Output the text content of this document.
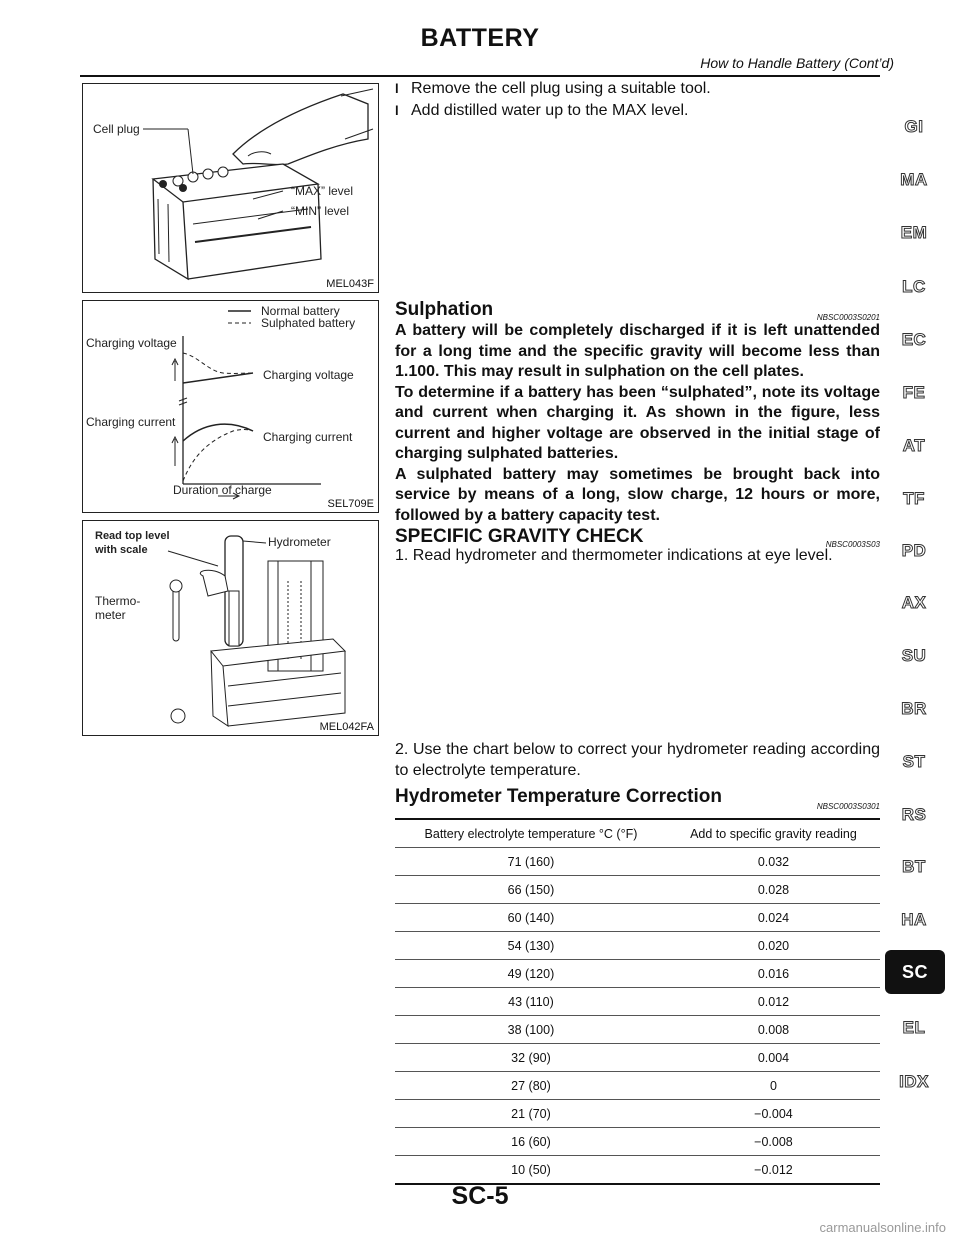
BATTERY
How to Handle Battery (Cont’d)
Cell plug
“MAX” level
“MIN” level
MEL043F
Normal battery
Sulphated battery
Charging voltage
Charging voltage
Charging current
Charging current
Duration of charge
SEL709E
Read top level
with scale
Hydrometer
Thermo-
meter
MEL042FA
l Remove the cell plug using a suitable tool.
l Add distilled water up to the MAX level.
Sulphation	NBSC0003S0201
A battery will be completely discharged if it is left unattended for a long time and the specific gravity will become less than 1.100. This may result in sulphation on the cell plates.
To determine if a battery has been “sulphated”, note its voltage and current when charging it. As shown in the figure, less current and higher voltage are observed in the initial stage of charging sulphated batteries.
A sulphated battery may sometimes be brought back into service by means of a long, slow charge, 12 hours or more, followed by a battery capacity test.
SPECIFIC GRAVITY CHECK	NBSC0003S03
1. Read hydrometer and thermometer indications at eye level.
2. Use the chart below to correct your hydrometer reading according to electrolyte temperature.
Hydrometer Temperature Correction	NBSC0003S0301
Battery electrolyte temperature °C (°F)	Add to specific gravity reading
71 (160)	0.032
66 (150)	0.028
60 (140)	0.024
54 (130)	0.020
49 (120)	0.016
43 (110)	0.012
38 (100)	0.008
32 (90)	0.004
27 (80)	0
21 (70)	−0.004
16 (60)	−0.008
10 (50)	−0.012
GI
MA
EM
LC
EC
FE
AT
TF
PD
AX
SU
BR
ST
RS
BT
HA
SC
EL
IDX
SC-5
carmanualsonline.info
